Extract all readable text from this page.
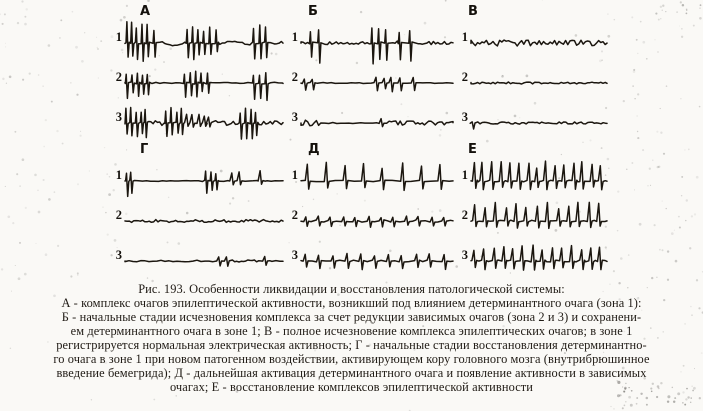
А
1
2
3
Б
1
2
3
В
1
2
3
Г
1
2
3
Д
1
2
3
Е
1
2
3
Рис. 193. Особенности ликвидации и восстановления патологической системы:
А - комплекс очагов эпилептической активности, возникший под влиянием детерминантного очага (зона 1):
Б - начальные стадии исчезновения комплекса за счет редукции зависимых очагов (зона 2 и 3) и сохранени-
ем детерминантного очага в зоне 1; В - полное исчезновение комплекса эпилептических очагов; в зоне 1
регистрируется нормальная электрическая активность; Г - начальные стадии восстановления детерминантно-
го очага в зоне 1 при новом патогенном воздействии, активирующем кору головного мозга (внутрибрюшинное
введение бемегрида); Д - дальнейшая активация детерминантного очага и появление активности в зависимых
очагах; Е - восстановление комплексов эпилептической активности
